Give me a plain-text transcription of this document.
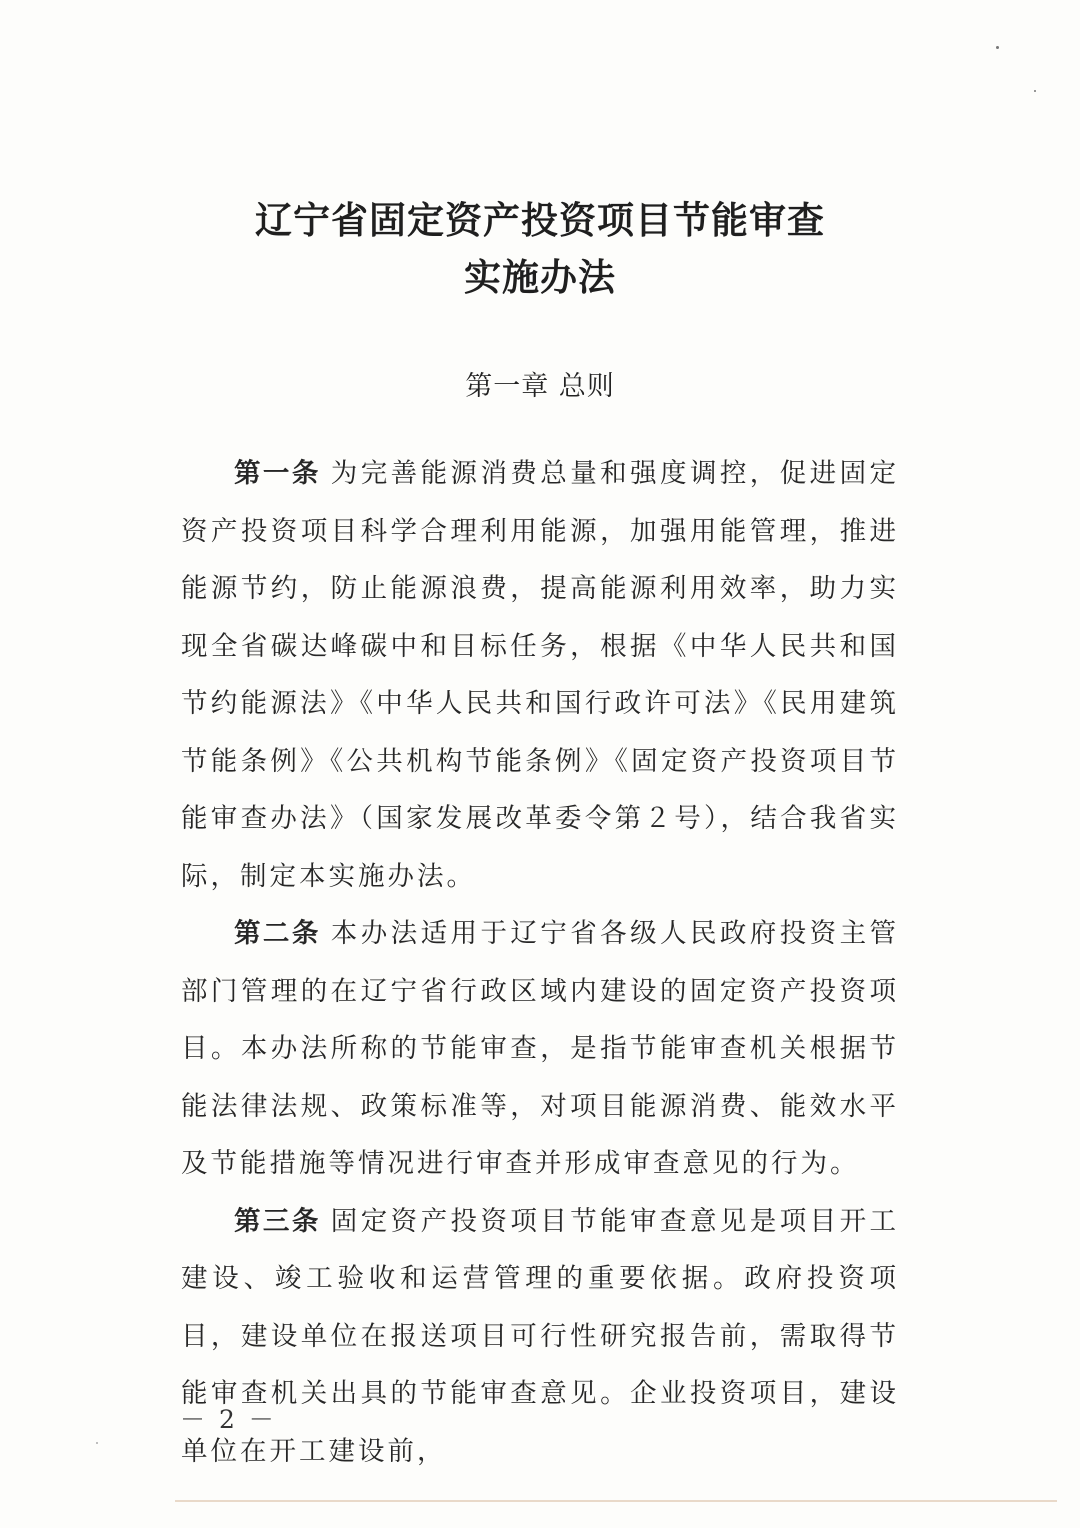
辽宁省固定资产投资项目节能审查
实施办法
第一章 总则

第一条 为完善能源消费总量和强度调控，促进固定资产投资项目科学合理利用能源，加强用能管理，推进能源节约，防止能源浪费，提高能源利用效率，助力实现全省碳达峰碳中和目标任务，根据《中华人民共和国节约能源法》《中华人民共和国行政许可法》《民用建筑节能条例》《公共机构节能条例》《固定资产投资项目节能审查办法》（国家发展改革委令第２号），结合我省实际，制定本实施办法。

第二条 本办法适用于辽宁省各级人民政府投资主管部门管理的在辽宁省行政区域内建设的固定资产投资项目。本办法所称的节能审查，是指节能审查机关根据节能法律法规、政策标准等，对项目能源消费、能效水平及节能措施等情况进行审查并形成审查意见的行为。

第三条 固定资产投资项目节能审查意见是项目开工建设、竣工验收和运营管理的重要依据。政府投资项目，建设单位在报送项目可行性研究报告前，需取得节能审查机关出具的节能审查意见。企业投资项目，建设单位在开工建设前，

－ 2 －
